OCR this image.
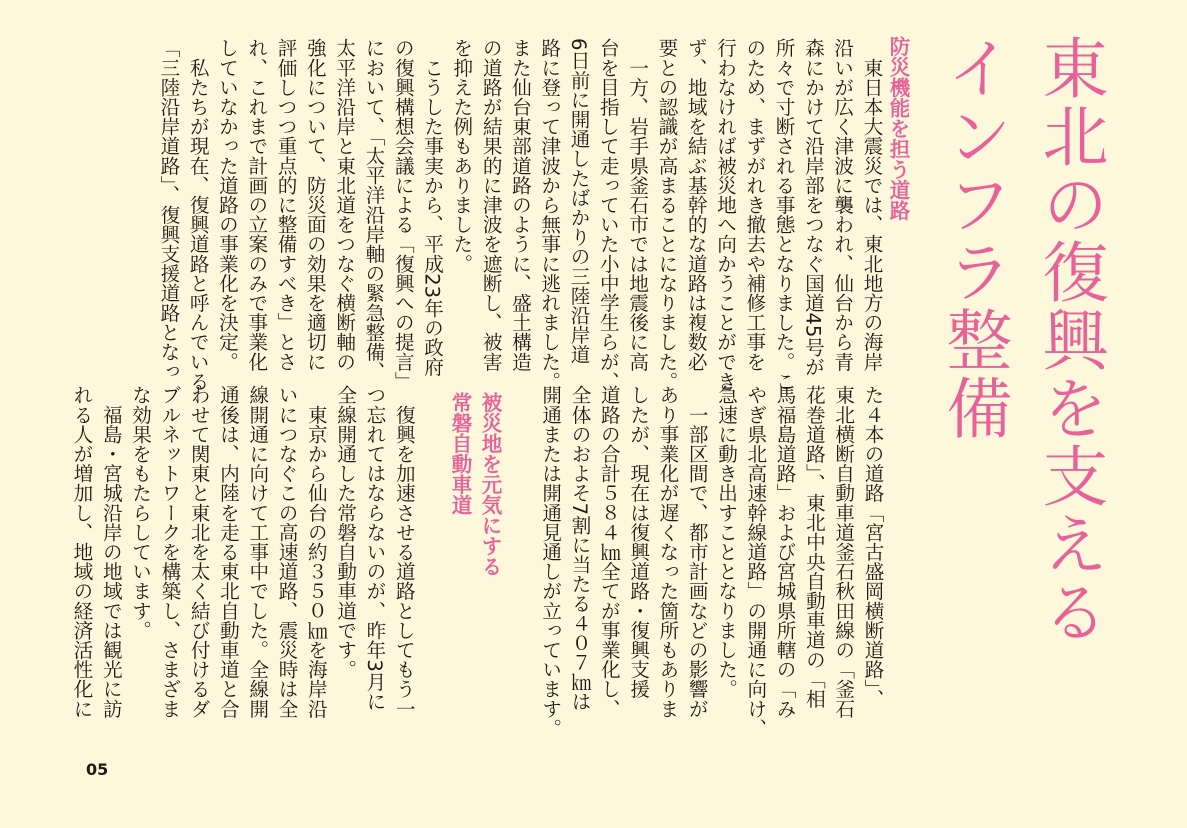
東北の復興を支える
インフラ整備
防災機能を担う道路
　東日本大震災では、東北地方の海岸
沿いが広く津波に襲われ、仙台から青
森にかけて沿岸部をつなぐ国道45号が
所々で寸断される事態となりました。こ
のため、まずがれき撤去や補修工事を
行わなければ被災地へ向かうことができ
ず、地域を結ぶ基幹的な道路は複数必
要との認識が高まることになりました。
　一方、岩手県釜石市では地震後に高
台を目指して走っていた小中学生らが、
6日前に開通したばかりの三陸沿岸道
路に登って津波から無事に逃れました。
また仙台東部道路のように、盛土構造
の道路が結果的に津波を遮断し、被害
を抑えた例もありました。
　こうした事実から、平成23年の政府
の復興構想会議による「復興への提言」
において、「太平洋沿岸軸の緊急整備、
太平洋沿岸と東北道をつなぐ横断軸の
強化について、防災面の効果を適切に
評価しつつ重点的に整備すべき」とさ
れ、これまで計画の立案のみで事業化
していなかった道路の事業化を決定。
　私たちが現在、復興道路と呼んでいる
「三陸沿岸道路」、復興支援道路となっ
た４本の道路「宮古盛岡横断道路」、
東北横断自動車道釜石秋田線の「釜石
花巻道路」、東北中央自動車道の「相
馬福島道路」および宮城県所轄の「み
やぎ県北高速幹線道路」の開通に向け、
急速に動き出すこととなりました。
　一部区間で、都市計画などの影響が
あり事業化が遅くなった箇所もありま
したが、現在は復興道路・復興支援
道路の合計５８４㎞全てが事業化し、
全体のおよそ7割に当たる４０７㎞は
開通または開通見通しが立っています。

　復興を加速させる道路としてもう一
つ忘れてはならないのが、昨年3月に
全線開通した常磐自動車道です。
　東京から仙台の約３５０㎞を海岸沿
いにつなぐこの高速道路、震災時は全
線開通に向けて工事中でした。全線開
通後は、内陸を走る東北自動車道と合
わせて関東と東北を太く結び付けるダ
ブルネットワークを構築し、さまざま
な効果をもたらしています。
　福島・宮城沿岸の地域では観光に訪
れる人が増加し、地域の経済活性化に	被災地を元気にする
常磐自動車道
05
